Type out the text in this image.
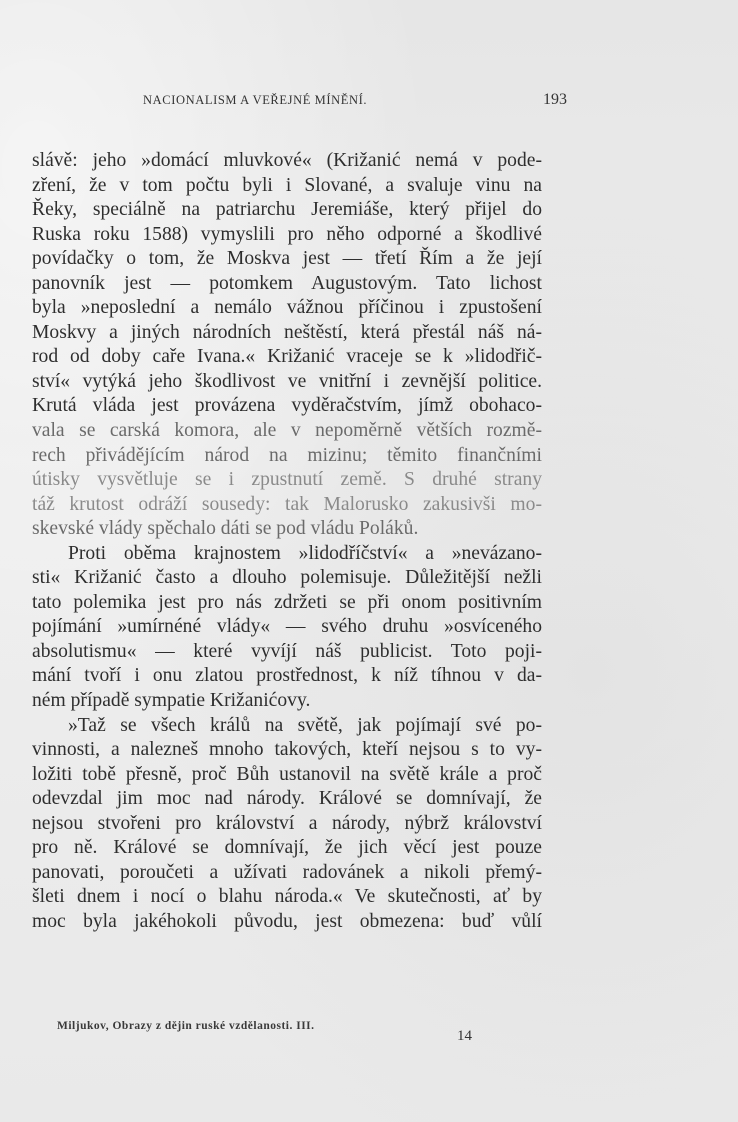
NACIONALISM A VEŘEJNÉ MÍNĚNÍ.	193
slávě: jeho »domácí mluvkové« (Križanić nemá v pode-
zření, že v tom počtu byli i Slované, a svaluje vinu na
Řeky, speciálně na patriarchu Jeremiáše, který přijel do
Ruska roku 1588) vymyslili pro něho odporné a škodlivé
povídačky o tom, že Moskva jest — třetí Řím a že její
panovník jest — potomkem Augustovým. Tato lichost
byla »neposlední a nemálo vážnou příčinou i zpustošení
Moskvy a jiných národních neštěstí, která přestál náš ná-
rod od doby caře Ivana.« Križanić vraceje se k »lidodřič-
ství« vytýká jeho škodlivost ve vnitřní i zevnější politice.
Krutá vláda jest provázena vyděračstvím, jímž obohaco-
vala se carská komora, ale v nepoměrně větších rozmě-
rech přivádějícím národ na mizinu; těmito finančními
útisky vysvětluje se i zpustnutí země. S druhé strany
táž krutost odráží sousedy: tak Malorusko zakusivši mo-
skevské vlády spěchalo dáti se pod vládu Poláků.
Proti oběma krajnostem »lidodříčství« a »nevázano-
sti« Križanić často a dlouho polemisuje. Důležitější nežli
tato polemika jest pro nás zdržeti se při onom positivním
pojímání »umírnéné vlády« — svého druhu »osvíceného
absolutismu« — které vyvíjí náš publicist. Toto poji-
mání tvoří i onu zlatou prostřednost, k níž tíhnou v da-
ném případě sympatie Križanićovy.
»Taž se všech králů na světě, jak pojímají své po-
vinnosti, a nalezneš mnoho takových, kteří nejsou s to vy-
ložiti tobě přesně, proč Bůh ustanovil na světě krále a proč
odevzdal jim moc nad národy. Králové se domnívají, že
nejsou stvořeni pro království a národy, nýbrž království
pro ně. Králové se domnívají, že jich věcí jest pouze
panovati, poroučeti a užívati radovánek a nikoli přemý-
šleti dnem i nocí o blahu národa.« Ve skutečnosti, ať by
moc byla jakéhokoli původu, jest obmezena: buď vůlí
Miljukov, Obrazy z dějin ruské vzdělanosti. III.
14
